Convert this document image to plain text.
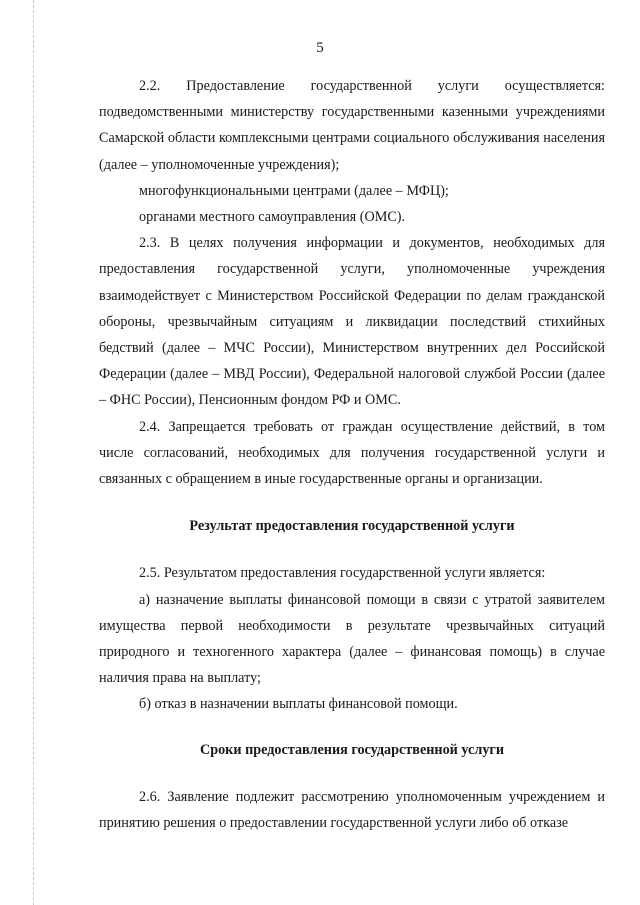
5

2.2. Предоставление государственной услуги осуществляется: подведомственными министерству государственными казенными учреждениями Самарской области комплексными центрами социального обслуживания населения (далее – уполномоченные учреждения);

многофункциональными центрами (далее – МФЦ);

органами местного самоуправления (ОМС).

2.3. В целях получения информации и документов, необходимых для предоставления государственной услуги, уполномоченные учреждения взаимодействует с Министерством Российской Федерации по делам гражданской обороны, чрезвычайным ситуациям и ликвидации последствий стихийных бедствий (далее – МЧС России), Министерством внутренних дел Российской Федерации (далее – МВД России), Федеральной налоговой службой России (далее – ФНС России), Пенсионным фондом РФ и ОМС.

2.4. Запрещается требовать от граждан осуществление действий, в том числе согласований, необходимых для получения государственной услуги и связанных с обращением в иные государственные органы и организации.

Результат предоставления государственной услуги

2.5. Результатом предоставления государственной услуги является:

а) назначение выплаты финансовой помощи в связи с утратой заявителем имущества первой необходимости в результате чрезвычайных ситуаций природного и техногенного характера (далее – финансовая помощь) в случае наличия права на выплату;

б) отказ в назначении выплаты финансовой помощи.

Сроки предоставления государственной услуги

2.6. Заявление подлежит рассмотрению уполномоченным учреждением и принятию решения о предоставлении государственной услуги либо об отказе
